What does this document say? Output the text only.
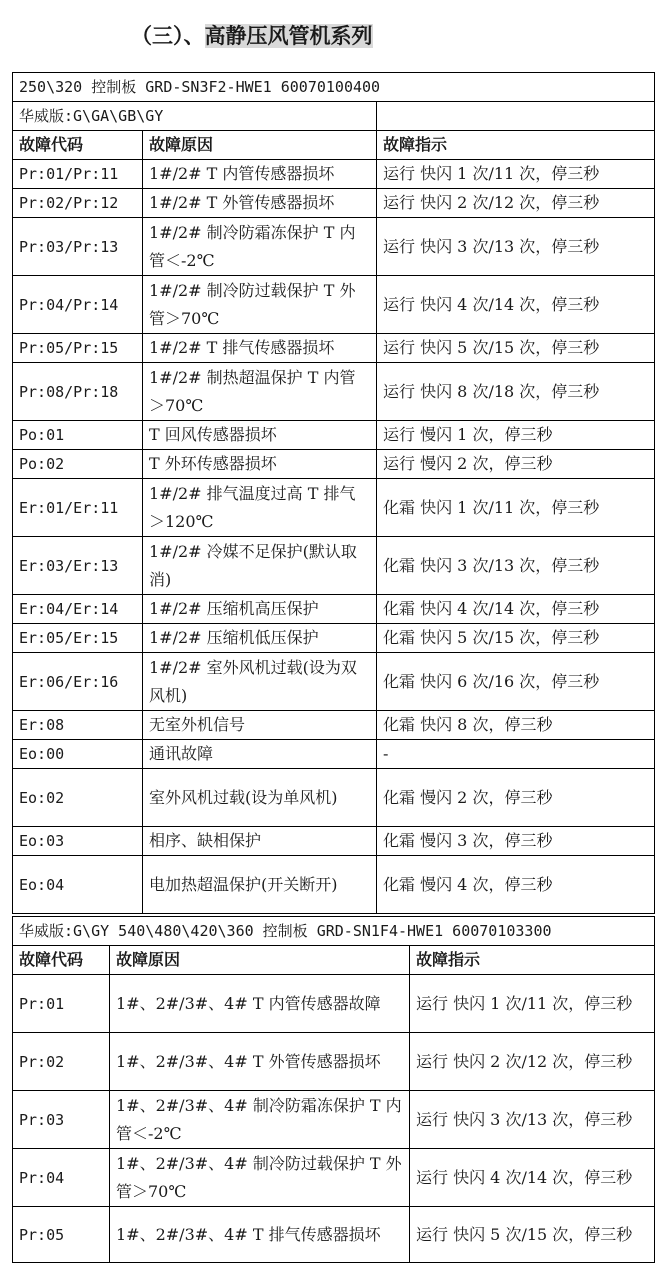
（三）、高静压风管机系列
250\320 控制板 GRD-SN3F2-HWE1 60070100400		
华威版:G\GA\GB\GY		
故障代码	故障原因	故障指示
Pr:01/Pr:11	1#/2# T 内管传感器损坏	运行 快闪 1 次/11 次，停三秒
Pr:02/Pr:12	1#/2# T 外管传感器损坏	运行 快闪 2 次/12 次，停三秒
Pr:03/Pr:13	1#/2# 制冷防霜冻保护 T 内管＜-2℃	运行 快闪 3 次/13 次，停三秒
Pr:04/Pr:14	1#/2# 制冷防过载保护 T 外管＞70℃	运行 快闪 4 次/14 次，停三秒
Pr:05/Pr:15	1#/2# T 排气传感器损坏	运行 快闪 5 次/15 次，停三秒
Pr:08/Pr:18	1#/2# 制热超温保护 T 内管＞70℃	运行 快闪 8 次/18 次，停三秒
Po:01	T 回风传感器损坏	运行 慢闪 1 次，停三秒
Po:02	T 外环传感器损坏	运行 慢闪 2 次，停三秒
Er:01/Er:11	1#/2# 排气温度过高 T 排气＞120℃	化霜 快闪 1 次/11 次，停三秒
Er:03/Er:13	1#/2# 冷媒不足保护(默认取消)	化霜 快闪 3 次/13 次，停三秒
Er:04/Er:14	1#/2# 压缩机高压保护	化霜 快闪 4 次/14 次，停三秒
Er:05/Er:15	1#/2# 压缩机低压保护	化霜 快闪 5 次/15 次，停三秒
Er:06/Er:16	1#/2# 室外风机过载(设为双风机)	化霜 快闪 6 次/16 次，停三秒
Er:08	无室外机信号	化霜 快闪 8 次，停三秒
Eo:00	通讯故障	-
Eo:02	室外风机过载(设为单风机)	化霜 慢闪 2 次，停三秒
Eo:03	相序、缺相保护	化霜 慢闪 3 次，停三秒
Eo:04	电加热超温保护(开关断开)	化霜 慢闪 4 次，停三秒
华威版:G\GY 540\480\420\360 控制板 GRD-SN1F4-HWE1 60070103300		
故障代码	故障原因	故障指示
Pr:01	1#、2#/3#、4# T 内管传感器故障	运行 快闪 1 次/11 次，停三秒
Pr:02	1#、2#/3#、4# T 外管传感器损坏	运行 快闪 2 次/12 次，停三秒
Pr:03	1#、2#/3#、4# 制冷防霜冻保护 T 内管＜-2℃	运行 快闪 3 次/13 次，停三秒
Pr:04	1#、2#/3#、4# 制冷防过载保护 T 外管＞70℃	运行 快闪 4 次/14 次，停三秒
Pr:05	1#、2#/3#、4# T 排气传感器损坏	运行 快闪 5 次/15 次，停三秒
